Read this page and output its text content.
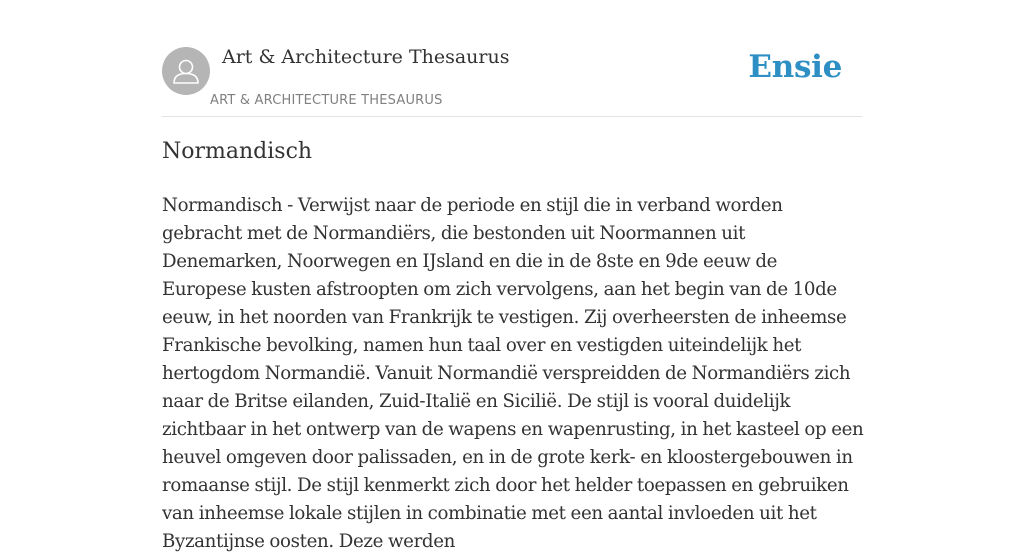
Art & Architecture Thesaurus
ART & ARCHITECTURE THESAURUS
Ensie
Normandisch

Normandisch - Verwijst naar de periode en stijl die in verband worden gebracht met de Normandiërs, die bestonden uit Noormannen uit Denemarken, Noorwegen en IJsland en die in de 8ste en 9de eeuw de Europese kusten afstroopten om zich vervolgens, aan het begin van de 10de eeuw, in het noorden van Frankrijk te vestigen. Zij overheersten de inheemse Frankische bevolking, namen hun taal over en vestigden uiteindelijk het hertogdom Normandië. Vanuit Normandië verspreidden de Normandiërs zich naar de Britse eilanden, Zuid-Italië en Sicilië. De stijl is vooral duidelijk zichtbaar in het ontwerp van de wapens en wapenrusting, in het kasteel op een heuvel omgeven door palissaden, en in de grote kerk- en kloostergebouwen in romaanse stijl. De stijl kenmerkt zich door het helder toepassen en gebruiken van inheemse lokale stijlen in combinatie met een aantal invloeden uit het Byzantijnse oosten. Deze werden
